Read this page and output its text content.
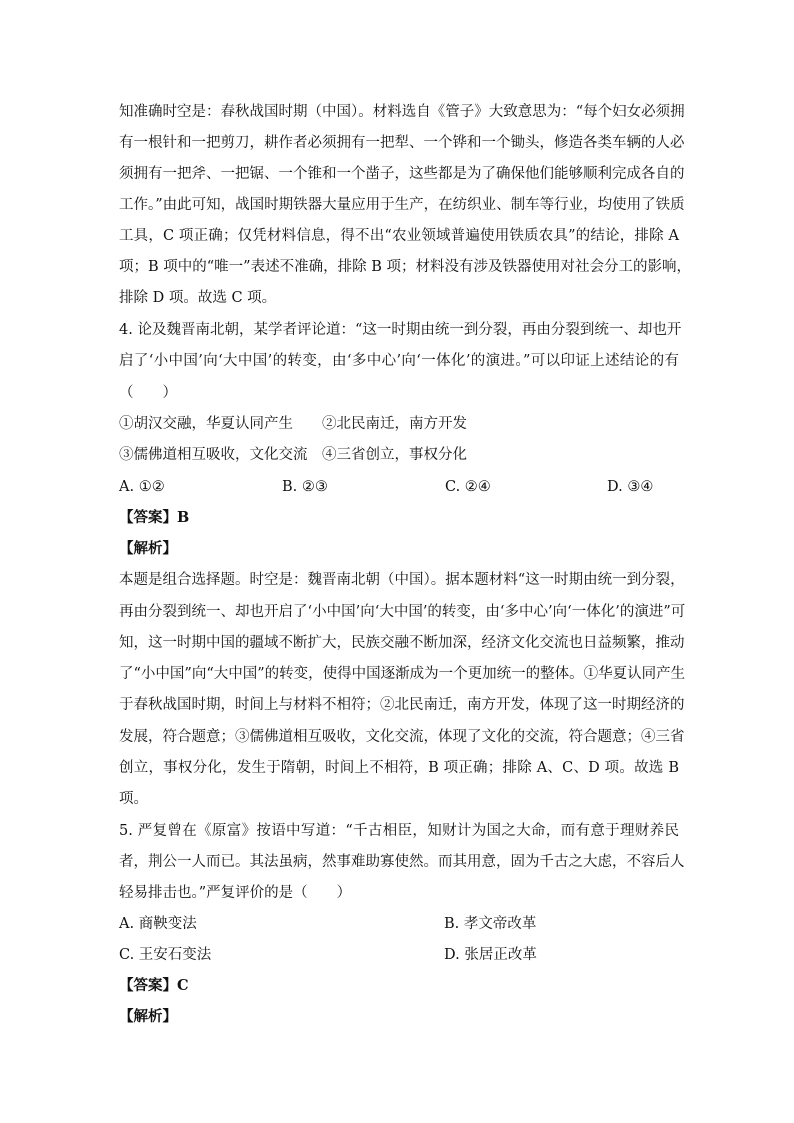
知准确时空是：春秋战国时期（中国）。材料选自《管子》大致意思为：“每个妇女必须拥
有一根针和一把剪刀，耕作者必须拥有一把犁、一个铧和一个锄头，修造各类车辆的人必
须拥有一把斧、一把锯、一个锥和一个凿子，这些都是为了确保他们能够顺利完成各自的
工作。”由此可知，战国时期铁器大量应用于生产，在纺织业、制车等行业，均使用了铁质
工具，C 项正确；仅凭材料信息，得不出“农业领域普遍使用铁质农具”的结论，排除 A
项；B 项中的“唯一”表述不准确，排除 B 项；材料没有涉及铁器使用对社会分工的影响，
排除 D 项。故选 C 项。
4. 论及魏晋南北朝，某学者评论道：“这一时期由统一到分裂，再由分裂到统一、却也开
启了‘小中国’向‘大中国’的转变，由‘多中心’向‘一体化’的演进。”可以印证上述结论的有
（　　）
①胡汉交融，华夏认同产生　　②北民南迁，南方开发
③儒佛道相互吸收，文化交流　④三省创立，事权分化
A. ①②	B. ②③	C. ②④	D. ③④
【答案】B
【解析】
本题是组合选择题。时空是：魏晋南北朝（中国）。据本题材料“这一时期由统一到分裂，
再由分裂到统一、却也开启了‘小中国’向‘大中国’的转变，由‘多中心’向‘一体化’的演进”可
知，这一时期中国的疆域不断扩大，民族交融不断加深，经济文化交流也日益频繁，推动
了“小中国”向“大中国”的转变，使得中国逐渐成为一个更加统一的整体。①华夏认同产生
于春秋战国时期，时间上与材料不相符；②北民南迁，南方开发，体现了这一时期经济的
发展，符合题意；③儒佛道相互吸收，文化交流，体现了文化的交流，符合题意；④三省
创立，事权分化，发生于隋朝，时间上不相符，B 项正确；排除 A、C、D 项。故选 B
项。
5. 严复曾在《原富》按语中写道：“千古相臣，知财计为国之大命，而有意于理财养民
者，荆公一人而已。其法虽病，然事难助寡使然。而其用意，固为千古之大虑，不容后人
轻易排击也。”严复评价的是（　　）
A. 商鞅变法	B. 孝文帝改革
C. 王安石变法	D. 张居正改革
【答案】C
【解析】
